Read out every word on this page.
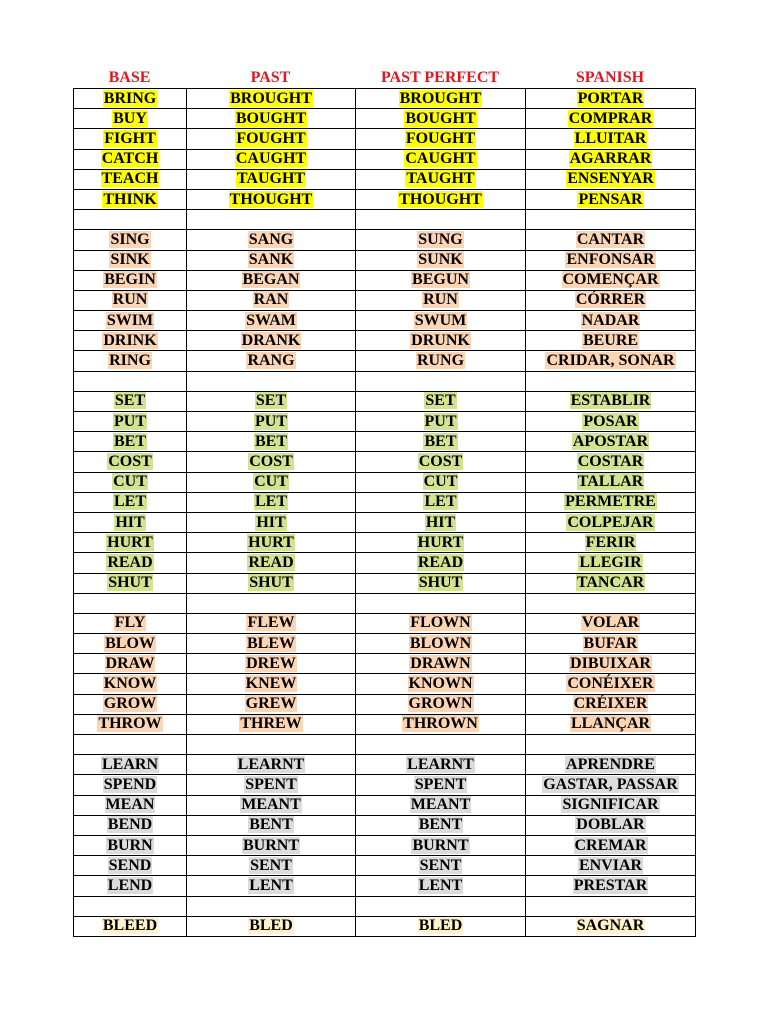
BASE	PAST	PAST PERFECT	SPANISH
BRING	BROUGHT	BROUGHT	PORTAR
BUY	BOUGHT	BOUGHT	COMPRAR
FIGHT	FOUGHT	FOUGHT	LLUITAR
CATCH	CAUGHT	CAUGHT	AGARRAR
TEACH	TAUGHT	TAUGHT	ENSENYAR
THINK	THOUGHT	THOUGHT	PENSAR

SING	SANG	SUNG	CANTAR
SINK	SANK	SUNK	ENFONSAR
BEGIN	BEGAN	BEGUN	COMENÇAR
RUN	RAN	RUN	CÓRRER
SWIM	SWAM	SWUM	NADAR
DRINK	DRANK	DRUNK	BEURE
RING	RANG	RUNG	CRIDAR, SONAR

SET	SET	SET	ESTABLIR
PUT	PUT	PUT	POSAR
BET	BET	BET	APOSTAR
COST	COST	COST	COSTAR
CUT	CUT	CUT	TALLAR
LET	LET	LET	PERMETRE
HIT	HIT	HIT	COLPEJAR
HURT	HURT	HURT	FERIR
READ	READ	READ	LLEGIR
SHUT	SHUT	SHUT	TANCAR

FLY	FLEW	FLOWN	VOLAR
BLOW	BLEW	BLOWN	BUFAR
DRAW	DREW	DRAWN	DIBUIXAR
KNOW	KNEW	KNOWN	CONÉIXER
GROW	GREW	GROWN	CRÉIXER
THROW	THREW	THROWN	LLANÇAR

LEARN	LEARNT	LEARNT	APRENDRE
SPEND	SPENT	SPENT	GASTAR, PASSAR
MEAN	MEANT	MEANT	SIGNIFICAR
BEND	BENT	BENT	DOBLAR
BURN	BURNT	BURNT	CREMAR
SEND	SENT	SENT	ENVIAR
LEND	LENT	LENT	PRESTAR

BLEED	BLED	BLED	SAGNAR
